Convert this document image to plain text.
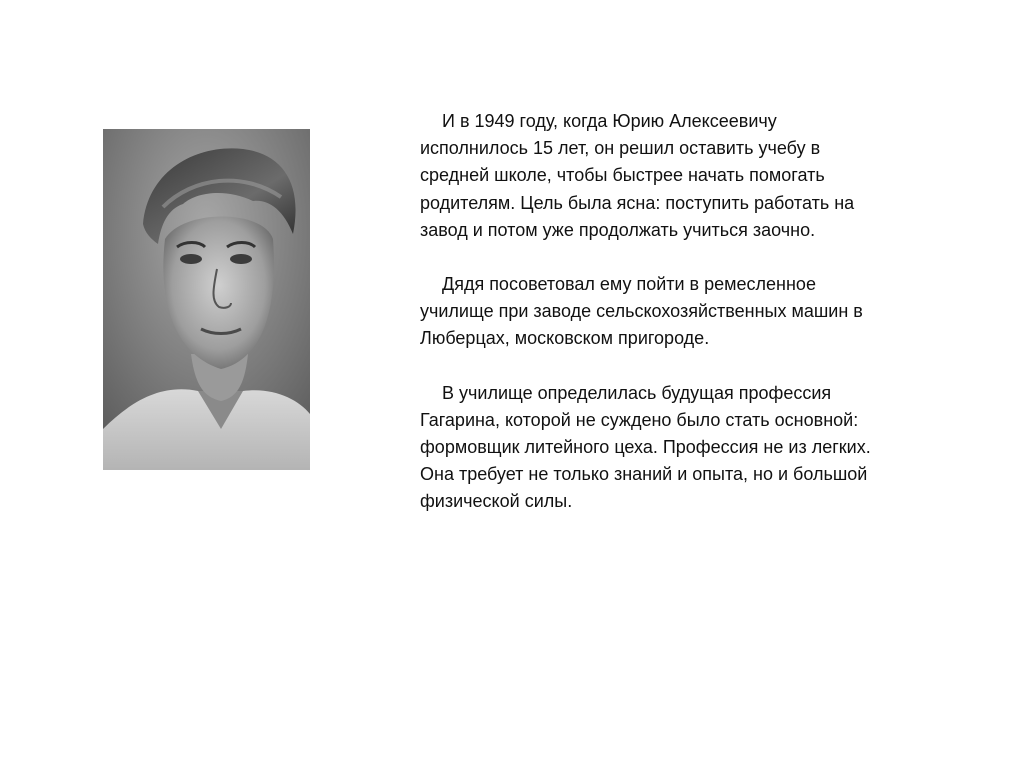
И в 1949 году, когда Юрию Алексеевичу
исполнилось 15 лет, он решил оставить учебу в
средней школе, чтобы быстрее начать помогать
родителям. Цель была ясна: поступить работать на
завод и потом уже продолжать учиться заочно.

Дядя посоветовал ему пойти в ремесленное
училище при заводе сельскохозяйственных машин в
Люберцах, московском пригороде.

В училище определилась будущая профессия
Гагарина, которой не суждено было стать основной:
формовщик литейного цеха. Профессия не из легких.
Она требует не только знаний и опыта, но и большой
физической силы.
